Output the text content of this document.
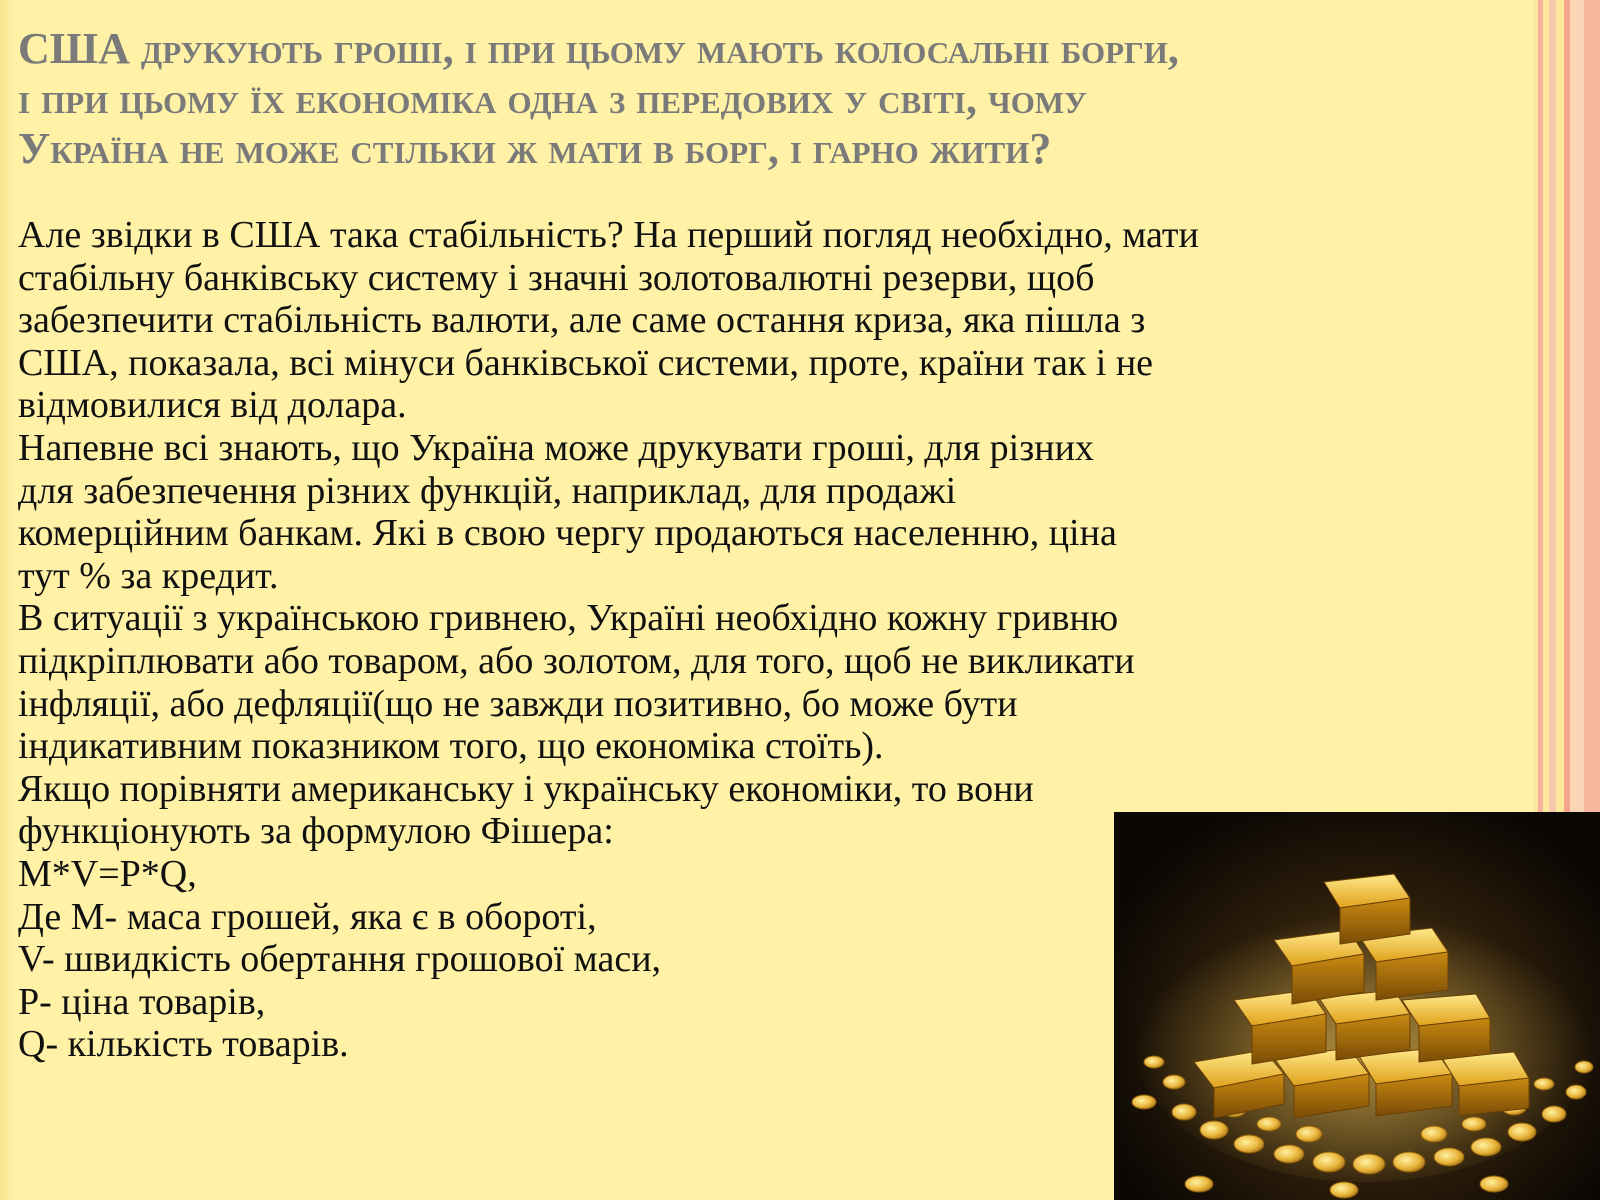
США друкують гроші, і при цьому мають колосальні борги,
і при цьому їх економіка одна з передових у світі, чому
Україна не може стільки ж мати в борг, і гарно жити?

Але звідки в США така стабільність? На перший погляд необхідно, мати
стабільну банківську систему і значні золотовалютні резерви, щоб
забезпечити стабільність валюти, але саме остання криза, яка пішла з
США, показала, всі мінуси банківської системи, проте, країни так і не
відмовилися від долара.
Напевне всі знають, що Україна може друкувати гроші, для різних
для забезпечення різних функцій, наприклад, для продажі
комерційним банкам. Які в свою чергу продаються населенню, ціна
тут % за кредит.
В ситуації з українською гривнею, Україні необхідно кожну гривню
підкріплювати або товаром, або золотом, для того, щоб не викликати
інфляції, або дефляції(що не завжди позитивно, бо може бути
індикативним показником того, що економіка стоїть).
Якщо порівняти американську і українську економіки, то вони
функціонують за формулою Фішера:
M*V=P*Q,
Де M- маса грошей, яка є в обороті,
V- швидкість обертання грошової маси,
P- ціна товарів,
Q- кількість товарів.
